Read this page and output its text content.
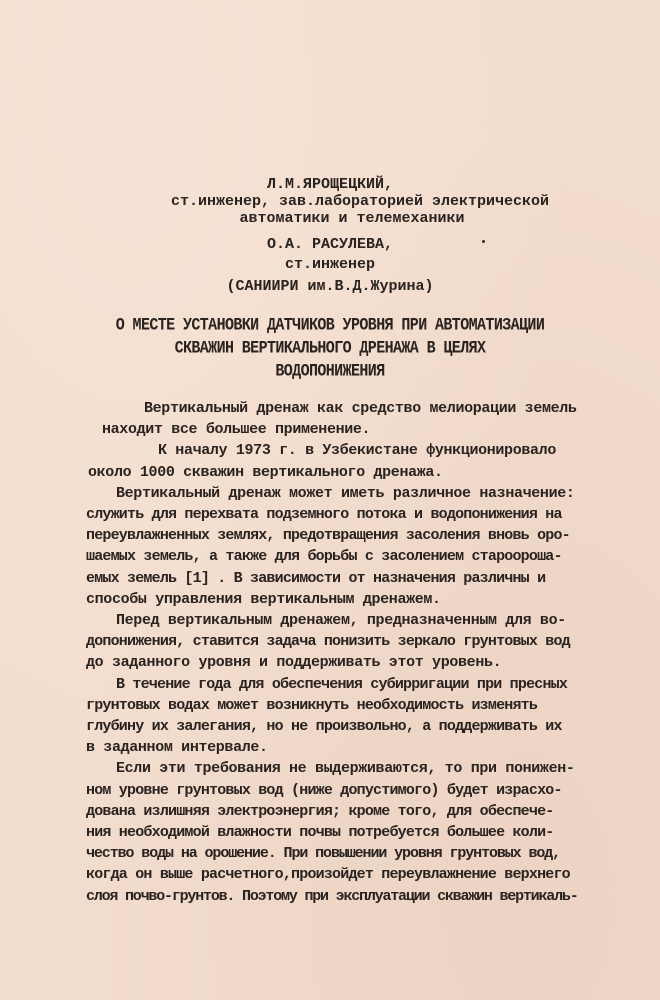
Л.М.ЯРОЩЕЦКИЙ,
ст.инженер, зав.лабораторией электрической
автоматики и телемеханики
О.А. РАСУЛЕВА,
ст.инженер
(САНИИРИ им.В.Д.Журина)
О МЕСТЕ УСТАНОВКИ ДАТЧИКОВ УРОВНЯ ПРИ АВТОМАТИЗАЦИИ
СКВАЖИН ВЕРТИКАЛЬНОГО ДРЕНАЖА В ЦЕЛЯХ
ВОДОПОНИЖЕНИЯ
Вертикальный дренаж как средство мелиорации земель
находит все большее применение.
К началу 1973 г. в Узбекистане функционировало
около 1000 скважин вертикального дренажа.
Вертикальный дренаж может иметь различное назначение:
служить для перехвата подземного потока и водопонижения на
переувлажненных землях, предотвращения засоления вновь оро-
шаемых земель, а также для борьбы с засолением староорошa-
емых земель [1] . В зависимости от назначения различны и
способы управления вертикальным дренажем.
Перед вертикальным дренажем, предназначенным для во-
допонижения, ставится задача понизить зеркало грунтовых вод
до заданного уровня и поддерживать этот уровень.
В течение года для обеспечения субирригации при пресных
грунтовых водах может возникнуть необходимость изменять
глубину их залегания, но не произвольно, а поддерживать их
в заданном интервале.
Если эти требования не выдерживаются, то при понижен-
ном уровне грунтовых вод (ниже допустимого) будет израсхо-
дована излишняя электроэнергия; кроме того, для обеспече-
ния необходимой влажности почвы потребуется большее коли-
чество воды на орошение. При повышении уровня грунтовых вод,
когда он выше расчетного,произойдет переувлажнение верхнего
слоя почво-грунтов. Поэтому при эксплуатации скважин вертикаль-
